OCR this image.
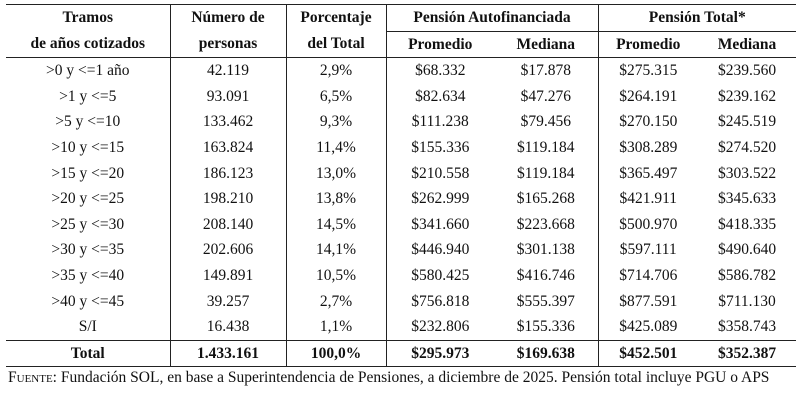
Tramos	Número de	Porcentaje	Pensión Autofinanciada		Pensión Total*	
de años cotizados	personas	del Total	Promedio	Mediana	Promedio	Mediana
>0 y <=1 año	42.119	2,9%	$68.332	$17.878	$275.315	$239.560
>1 y <=5	93.091	6,5%	$82.634	$47.276	$264.191	$239.162
>5 y <=10	133.462	9,3%	$111.238	$79.456	$270.150	$245.519
>10 y <=15	163.824	11,4%	$155.336	$119.184	$308.289	$274.520
>15 y <=20	186.123	13,0%	$210.558	$119.184	$365.497	$303.522
>20 y <=25	198.210	13,8%	$262.999	$165.268	$421.911	$345.633
>25 y <=30	208.140	14,5%	$341.660	$223.668	$500.970	$418.335
>30 y <=35	202.606	14,1%	$446.940	$301.138	$597.111	$490.640
>35 y <=40	149.891	10,5%	$580.425	$416.746	$714.706	$586.782
>40 y <=45	39.257	2,7%	$756.818	$555.397	$877.591	$711.130
S/I	16.438	1,1%	$232.806	$155.336	$425.089	$358.743
Total	1.433.161	100,0%	$295.973	$169.638	$452.501	$352.387
Fuente: Fundación SOL, en base a Superintendencia de Pensiones, a diciembre de 2025. Pensión total incluye PGU o APS
